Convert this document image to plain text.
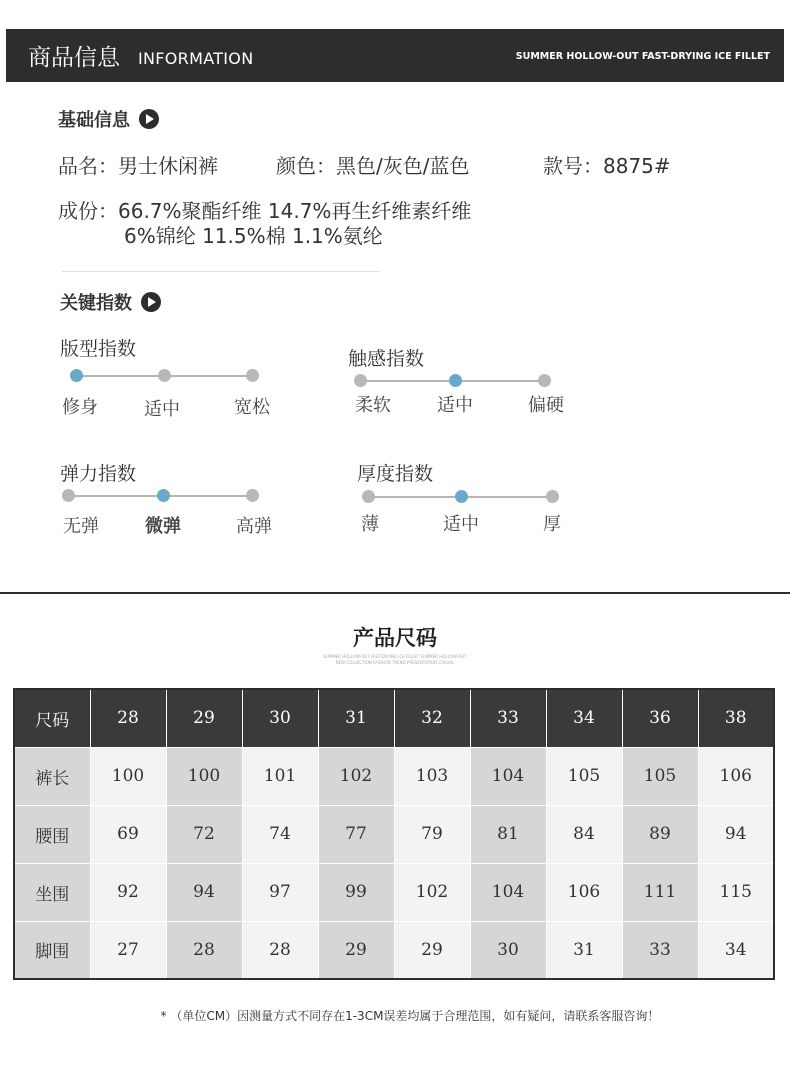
商品信息 INFORMATION	SUMMER HOLLOW-OUT FAST-DRYING ICE FILLET
基础信息
品名：男士休闲裤	颜色：黑色/灰色/蓝色	款号：8875#
成份：66.7%聚酯纤维 14.7%再生纤维素纤维
6%锦纶 11.5%棉 1.1%氨纶
关键指数
版型指数
修身	适中	宽松
触感指数
柔软	适中	偏硬
弹力指数
无弹	微弹	高弹
厚度指数
薄	适中	厚
产品尺码
SUMMER HOLLOW-OUT FAST-DRYING ICE FILLET SUMMER HOLLOW-OUT
NEW COLLECTION FASHION TREND PRESENTATION CASUAL
尺码	28	29	30	31	32	33	34	36	38
裤长	100	100	101	102	103	104	105	105	106
腰围	69	72	74	77	79	81	84	89	94
坐围	92	94	97	99	102	104	106	111	115
脚围	27	28	28	29	29	30	31	33	34
* （单位CM）因测量方式不同存在1-3CM误差均属于合理范围，如有疑问，请联系客服咨询！
